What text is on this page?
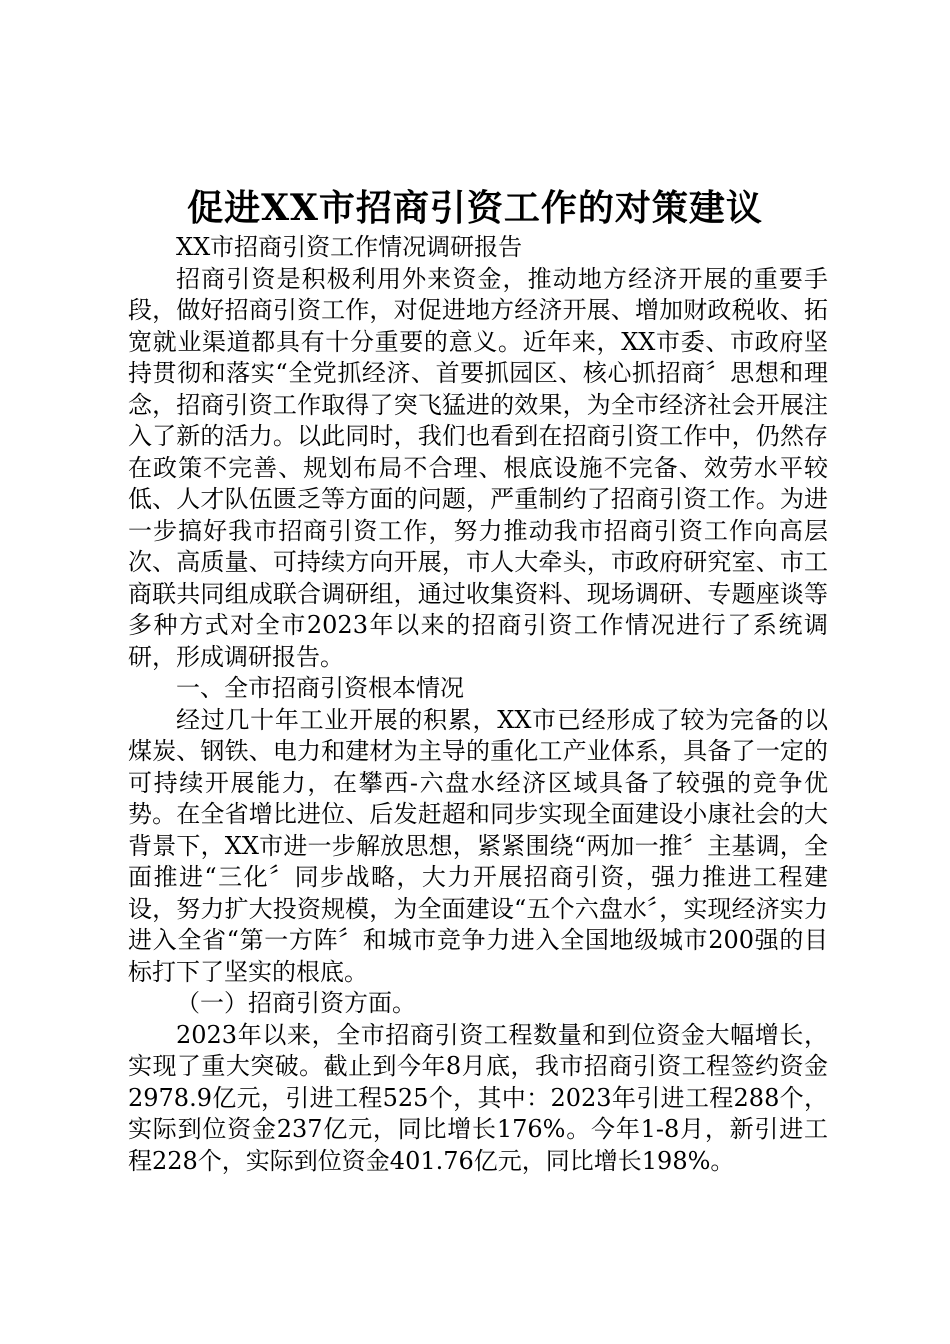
促进XX市招商引资工作的对策建议

XX市招商引资工作情况调研报告

招商引资是积极利用外来资金，推动地方经济开展的重要手段，做好招商引资工作，对促进地方经济开展、增加财政税收、拓宽就业渠道都具有十分重要的意义。近年来，XX市委、市政府坚持贯彻和落实“全党抓经济、首要抓园区、核心抓招商〞思想和理念，招商引资工作取得了突飞猛进的效果，为全市经济社会开展注入了新的活力。以此同时，我们也看到在招商引资工作中，仍然存在政策不完善、规划布局不合理、根底设施不完备、效劳水平较低、人才队伍匮乏等方面的问题，严重制约了招商引资工作。为进一步搞好我市招商引资工作，努力推动我市招商引资工作向高层次、高质量、可持续方向开展，市人大牵头，市政府研究室、市工商联共同组成联合调研组，通过收集资料、现场调研、专题座谈等多种方式对全市2023年以来的招商引资工作情况进行了系统调研，形成调研报告。

一、全市招商引资根本情况

经过几十年工业开展的积累，XX市已经形成了较为完备的以煤炭、钢铁、电力和建材为主导的重化工产业体系，具备了一定的可持续开展能力，在攀西-六盘水经济区域具备了较强的竞争优势。在全省增比进位、后发赶超和同步实现全面建设小康社会的大背景下，XX市进一步解放思想，紧紧围绕“两加一推〞主基调，全面推进“三化〞同步战略，大力开展招商引资，强力推进工程建设，努力扩大投资规模，为全面建设“五个六盘水〞，实现经济实力进入全省“第一方阵〞和城市竞争力进入全国地级城市200强的目标打下了坚实的根底。

（一）招商引资方面。

2023年以来，全市招商引资工程数量和到位资金大幅增长，实现了重大突破。截止到今年8月底，我市招商引资工程签约资金2978.9亿元，引进工程525个，其中：2023年引进工程288个，实际到位资金237亿元，同比增长176%。今年1-8月，新引进工程228个，实际到位资金401.76亿元，同比增长198%。
